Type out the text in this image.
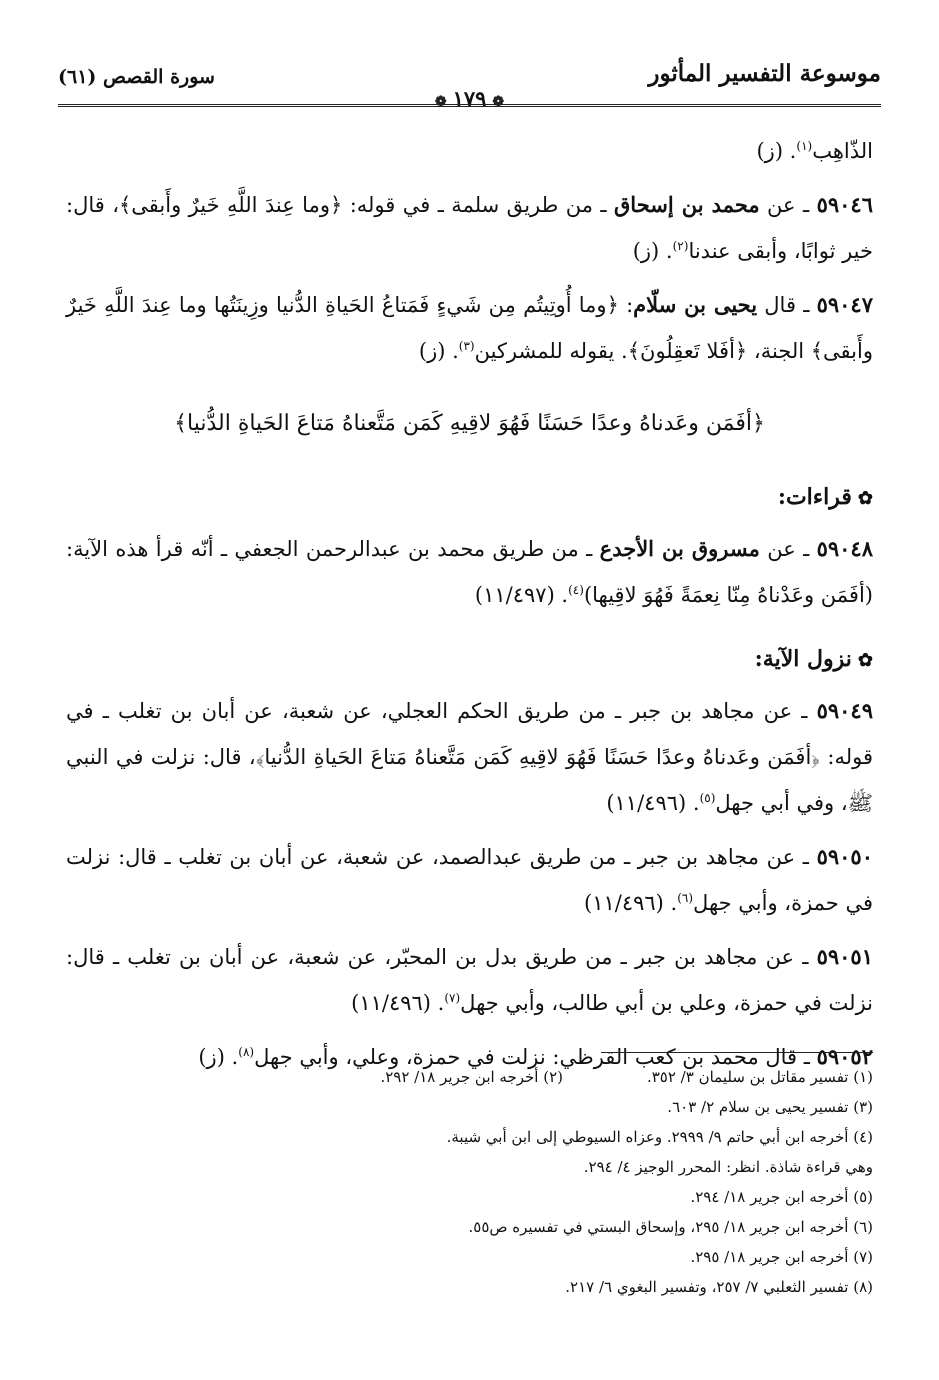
موسوعة التفسير المأثور
❁١٧٩❁
سورة القصص (٦١)

الذّاهِب$^{(١)}$. (ز)

٥٩٠٤٦ ـ عن محمد بن إسحاق ـ من طريق سلمة ـ في قوله: ﴿وما عِندَ اللَّهِ خَيرٌ وأَبقى﴾، قال: خير ثوابًا، وأبقى عندنا$^{(٢)}$. (ز)

٥٩٠٤٧ ـ قال يحيى بن سلّام: ﴿وما أُوتِيتُم مِن شَيءٍ فَمَتاعُ الحَياةِ الدُّنيا وزِينَتُها وما عِندَ اللَّهِ خَيرٌ وأَبقى﴾ الجنة، ﴿أفَلا تَعقِلُونَ﴾. يقوله للمشركين$^{(٣)}$. (ز)

﴿أفَمَن وعَدناهُ وعدًا حَسَنًا فَهُوَ لاقِيهِ كَمَن مَتَّعناهُ مَتاعَ الحَياةِ الدُّنيا﴾
✿قراءات:

٥٩٠٤٨ ـ عن مسروق بن الأجدع ـ من طريق محمد بن عبدالرحمن الجعفي ـ أنّه قرأ هذه الآية: (أفَمَن وعَدْناهُ مِنّا نِعمَةً فَهُوَ لاقِيها)$^{(٤)}$. (١١/٤٩٧)

✿نزول الآية:

٥٩٠٤٩ ـ عن مجاهد بن جبر ـ من طريق الحكم العجلي، عن شعبة، عن أبان بن تغلب ـ في قوله: ﴿أفَمَن وعَدناهُ وعدًا حَسَنًا فَهُوَ لاقِيهِ كَمَن مَتَّعناهُ مَتاعَ الحَياةِ الدُّنيا﴾، قال: نزلت في النبي ﷺ، وفي أبي جهل$^{(٥)}$. (١١/٤٩٦)

٥٩٠٥٠ ـ عن مجاهد بن جبر ـ من طريق عبدالصمد، عن شعبة، عن أبان بن تغلب ـ قال: نزلت في حمزة، وأبي جهل$^{(٦)}$. (١١/٤٩٦)

٥٩٠٥١ ـ عن مجاهد بن جبر ـ من طريق بدل بن المحبّر، عن شعبة، عن أبان بن تغلب ـ قال: نزلت في حمزة، وعلي بن أبي طالب، وأبي جهل$^{(٧)}$. (١١/٤٩٦)

٥٩٠٥٢ ـ قال محمد بن كعب القرظي: نزلت في حمزة، وعلي، وأبي جهل$^{(٨)}$. (ز)

(١) تفسير مقاتل بن سليمان ٣/ ٣٥٢.
(٢) أخرجه ابن جرير ١٨/ ٢٩٢.
(٣) تفسير يحيى بن سلام ٢/ ٦٠٣.
(٤) أخرجه ابن أبي حاتم ٩/ ٢٩٩٩. وعزاه السيوطي إلى ابن أبي شيبة.
وهي قراءة شاذة. انظر: المحرر الوجيز ٤/ ٢٩٤.
(٥) أخرجه ابن جرير ١٨/ ٢٩٤.
(٦) أخرجه ابن جرير ١٨/ ٢٩٥، وإسحاق البستي في تفسيره ص٥٥.
(٧) أخرجه ابن جرير ١٨/ ٢٩٥.
(٨) تفسير الثعلبي ٧/ ٢٥٧، وتفسير البغوي ٦/ ٢١٧.
